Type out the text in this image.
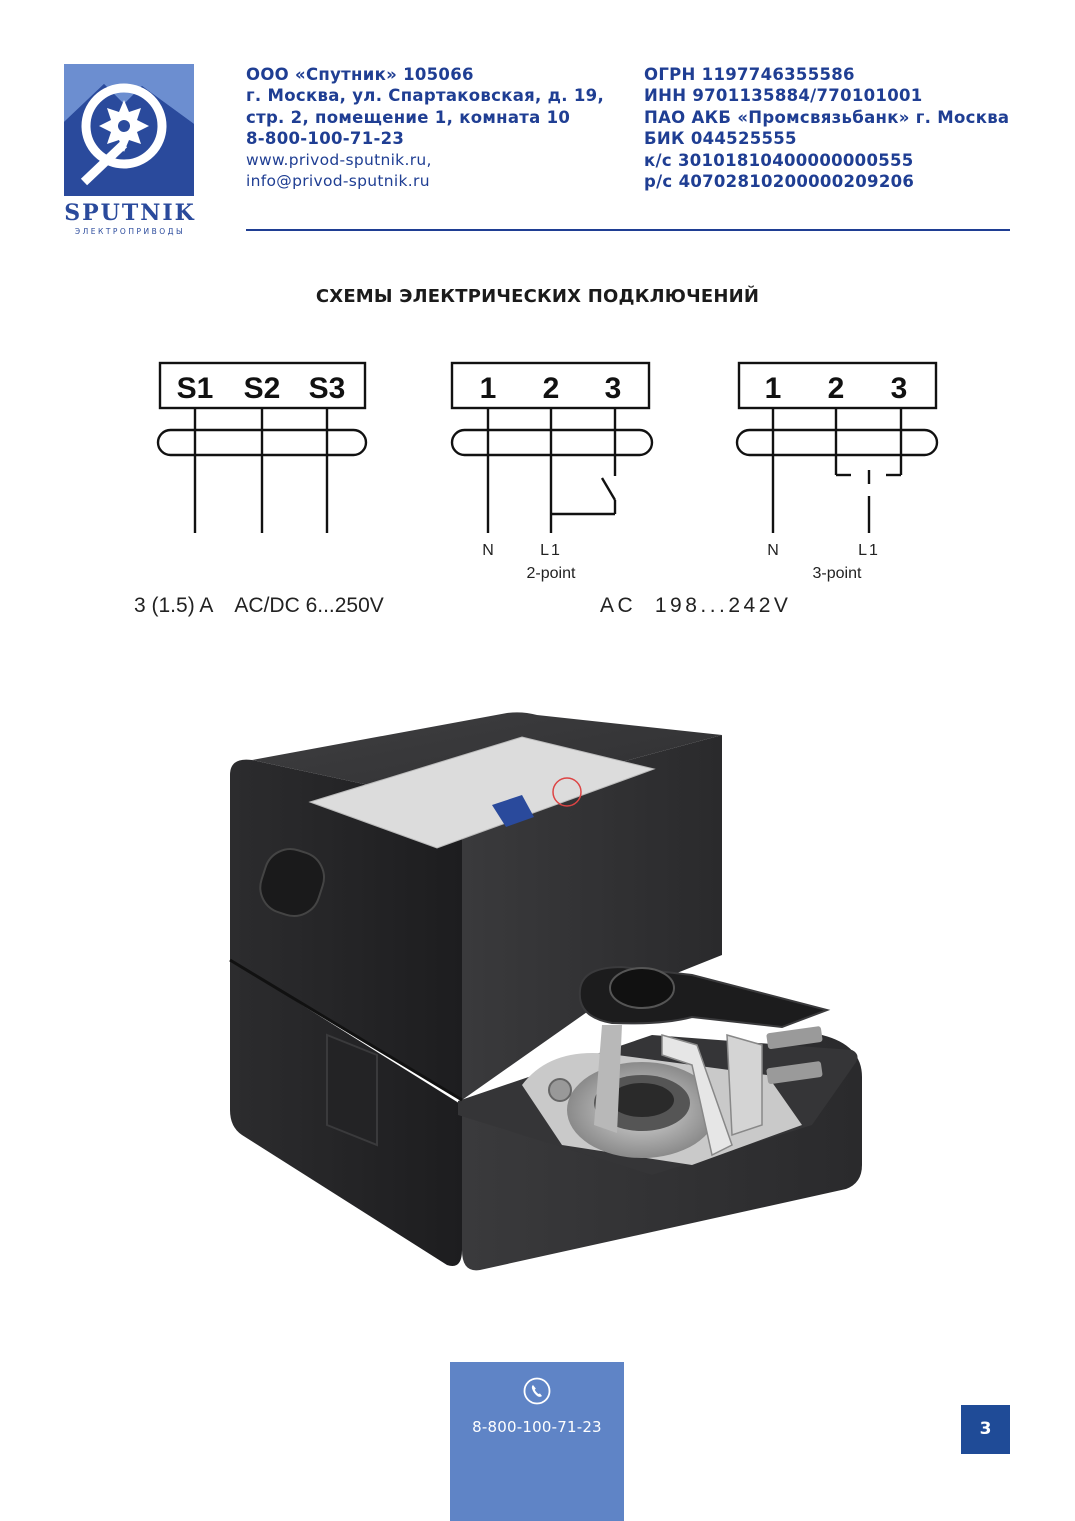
SPUTNIK
ЭЛЕКТРОПРИВОДЫ
ООО «Спутник» 105066
г. Москва, ул. Спартаковская, д. 19,
стр. 2, помещение 1, комната 10
8-800-100-71-23
www.privod-sputnik.ru,
info@privod-sputnik.ru
ОГРН 1197746355586
ИНН 9701135884/770101001
ПАО АКБ «Промсвязьбанк» г. Москва
БИК 044525555
к/с 30101810400000000555
р/с 40702810200000209206
СХЕМЫ ЭЛЕКТРИЧЕСКИХ ПОДКЛЮЧЕНИЙ
S1 S2 S3	1 2 3	1 2 3
N	L1
2-point
N	L1
3-point
3 (1.5) A    AC/DC 6...250V	AC  198...242V
8-800-100-71-23	3
